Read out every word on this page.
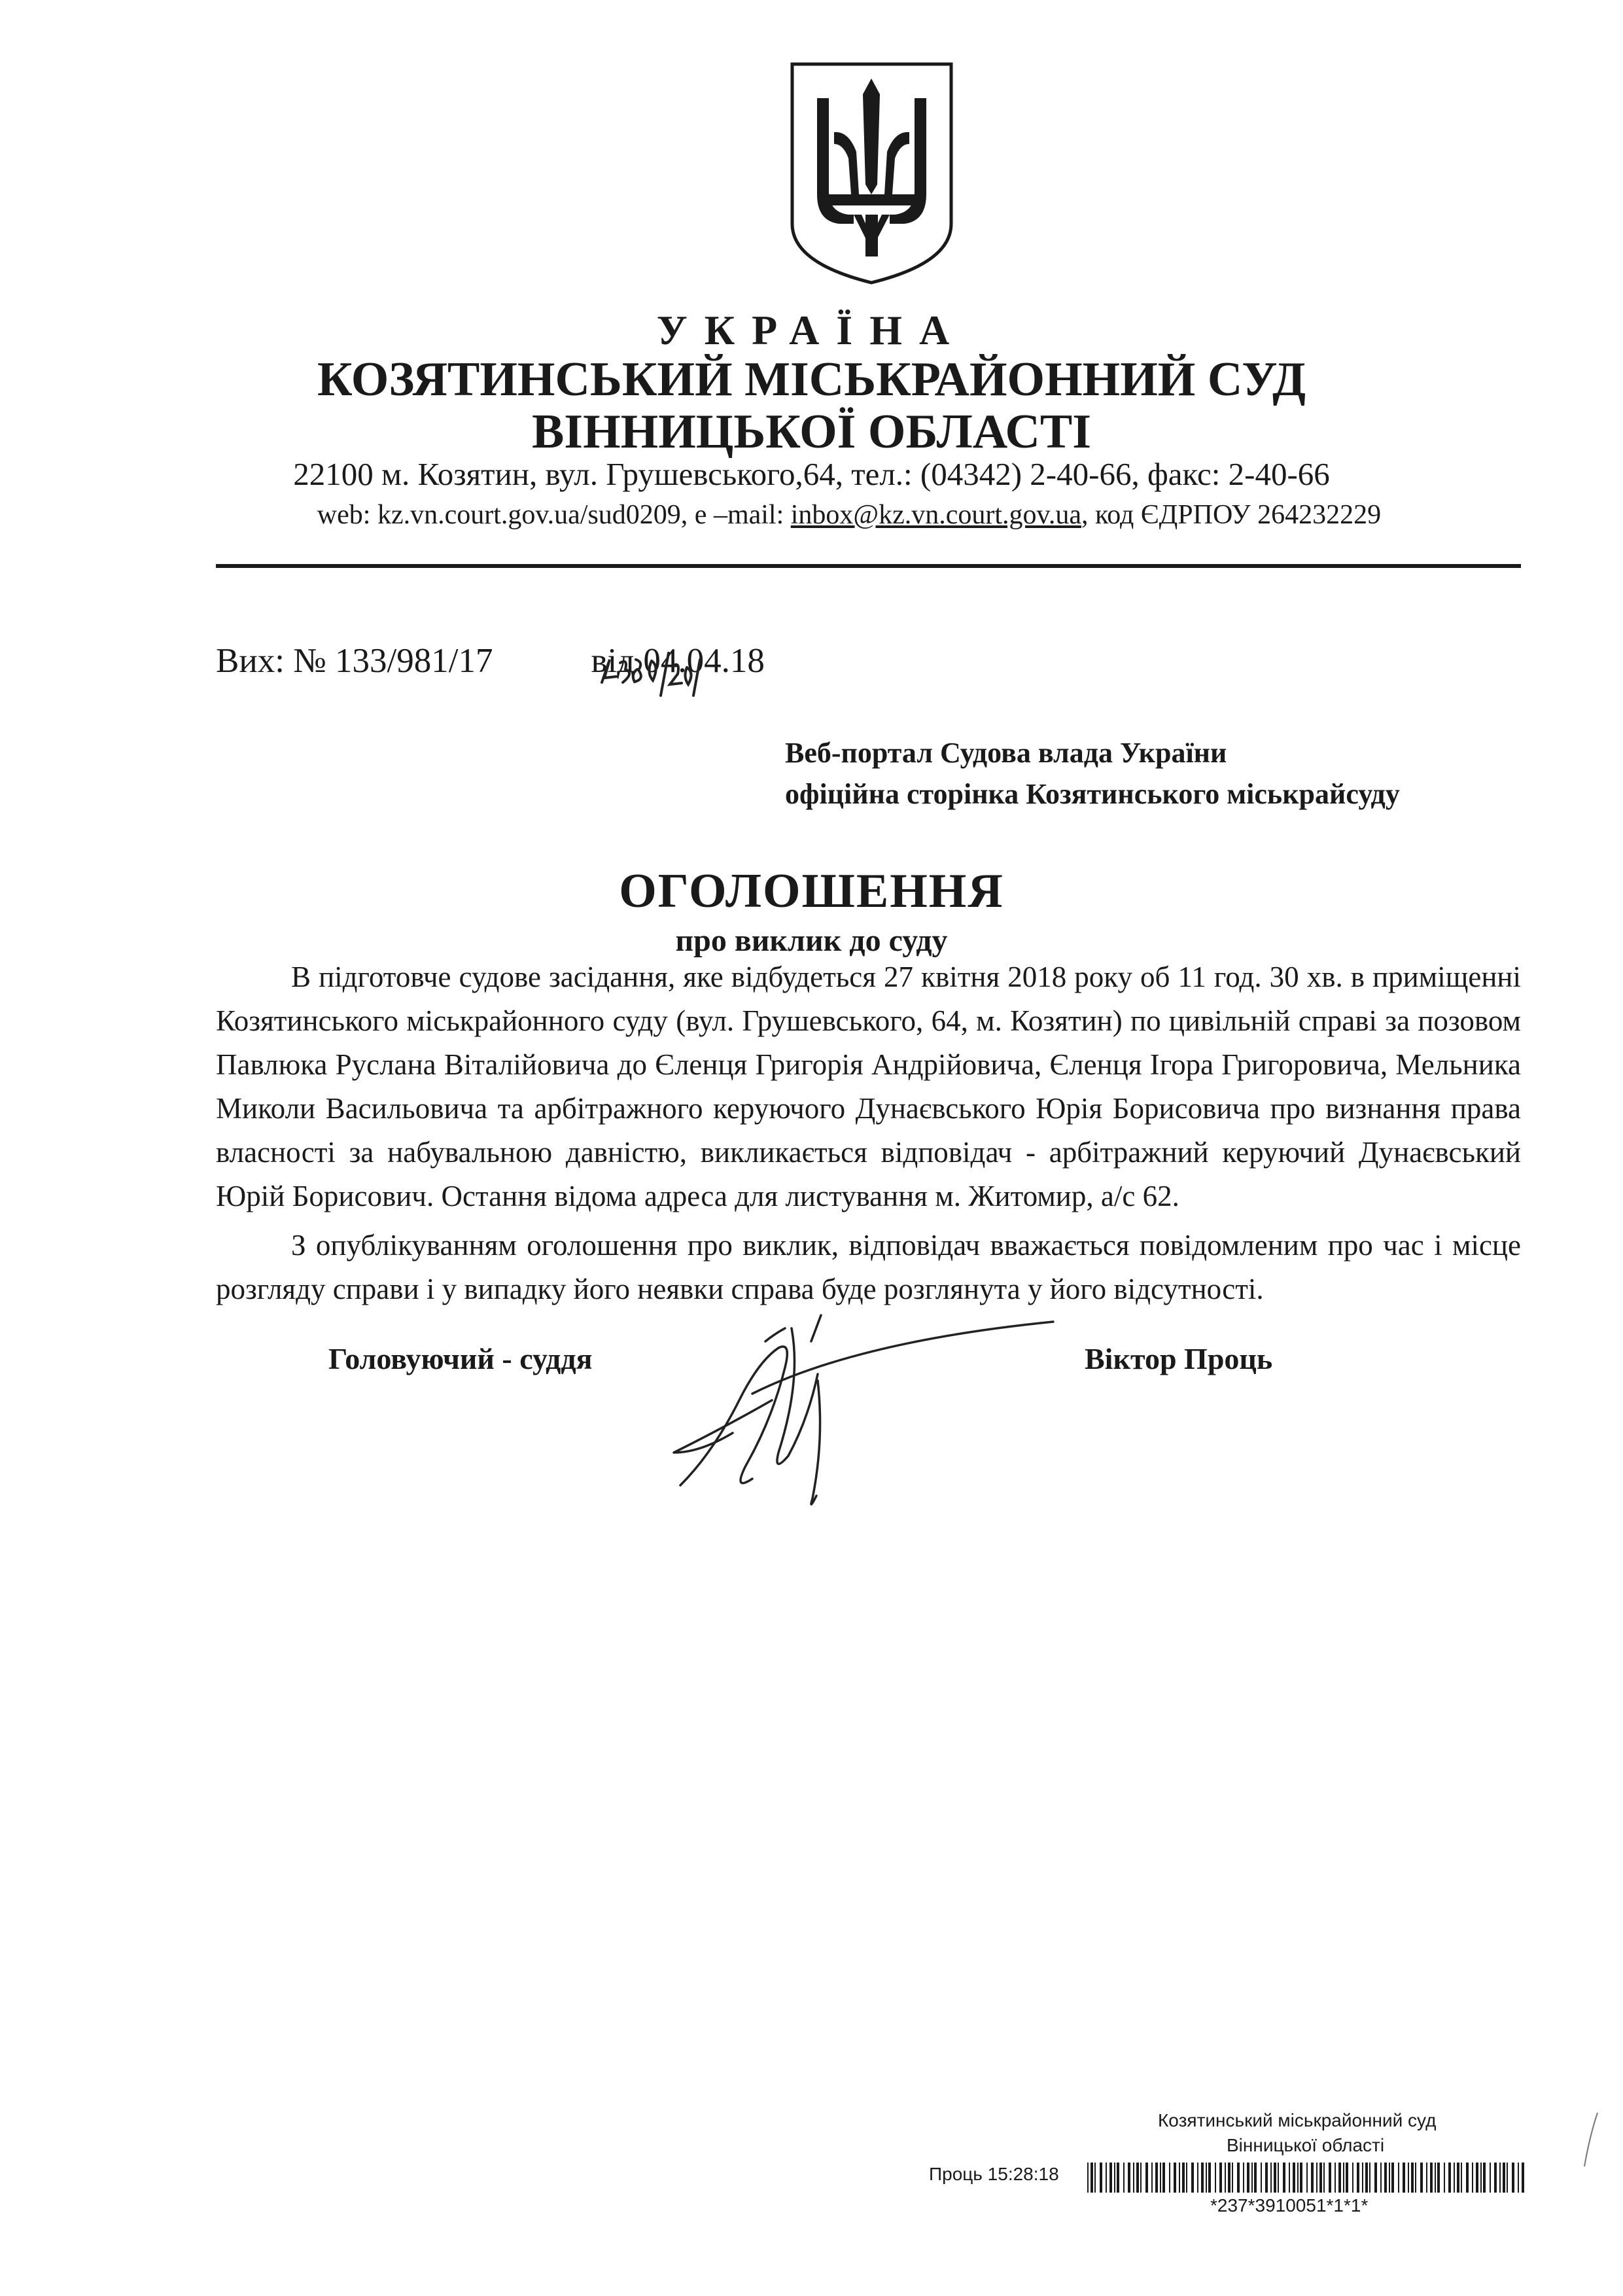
УКРАЇНА
КОЗЯТИНСЬКИЙ МІСЬКРАЙОННИЙ СУД
ВІННИЦЬКОЇ ОБЛАСТІ
22100 м. Козятин, вул. Грушевського,64, тел.: (04342) 2-40-66, факс: 2-40-66
web: kz.vn.court.gov.ua/sud0209, е –mail: inbox@kz.vn.court.gov.ua, код ЄДРПОУ 264232229
Вих: № 133/981/17	від 04.04.18
Веб-портал Судова влада України
офіційна сторінка Козятинського міськрайсуду
ОГОЛОШЕННЯ
про виклик до суду
В підготовче судове засідання, яке відбудеться 27 квітня 2018 року об 11 год. 30 хв. в приміщенні Козятинського міськрайонного суду (вул. Грушевського, 64, м. Козятин) по цивільній справі за позовом Павлюка Руслана Віталійовича до Єленця Григорія Андрійовича, Єленця Ігора Григоровича, Мельника Миколи Васильовича та арбітражного керуючого Дунаєвського Юрія Борисовича про визнання права власності за набувальною давністю, викликається відповідач - арбітражний керуючий Дунаєвський Юрій Борисович. Остання відома адреса для листування м. Житомир, а/с 62.
З опублікуванням оголошення про виклик, відповідач вважається повідомленим про час і місце розгляду справи і у випадку його неявки справа буде розглянута у його відсутності.
Головуючий - суддя	Віктор Проць
Козятинський міськрайонний суд
Вінницької області
Проць 15:28:18
*237*3910051*1*1*
